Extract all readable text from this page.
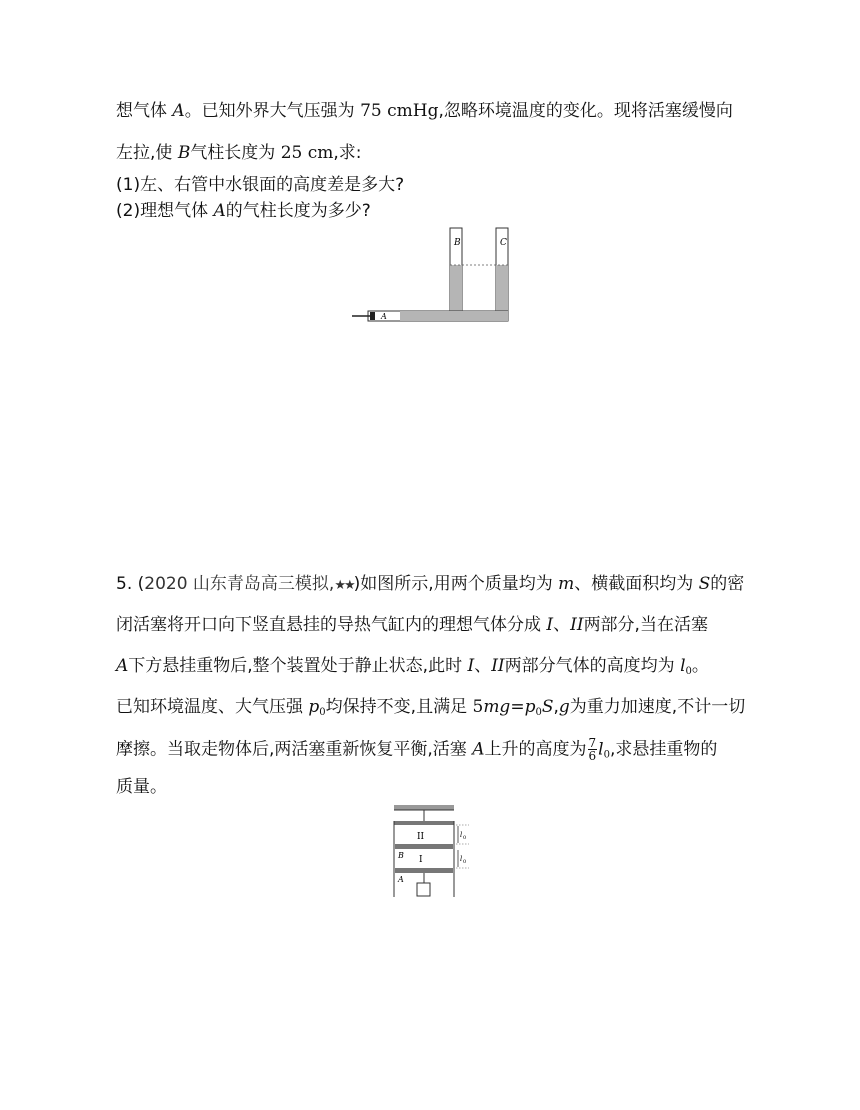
想气体 A。已知外界大气压强为 75 cmHg,忽略环境温度的变化。现将活塞缓慢向
左拉,使 B气柱长度为 25 cm,求:
(1)左、右管中水银面的高度差是多大?
(2)理想气体 A的气柱长度为多少?
B	C
A
5. (2020 山东青岛高三模拟,★★)如图所示,用两个质量均为 m、横截面积均为 S的密
闭活塞将开口向下竖直悬挂的导热气缸内的理想气体分成 I、II两部分,当在活塞
A下方悬挂重物后,整个装置处于静止状态,此时 I、II两部分气体的高度均为 $l_0$。
已知环境温度、大气压强 $p_0$均保持不变,且满足 $5mg=p_0S,g$为重力加速度,不计一切
摩擦。当取走物体后,两活塞重新恢复平衡,活塞 A上升的高度为 $\frac{7}{6} l_0$,求悬挂重物的
质量。
l 0
l 0
II
I
B
A
